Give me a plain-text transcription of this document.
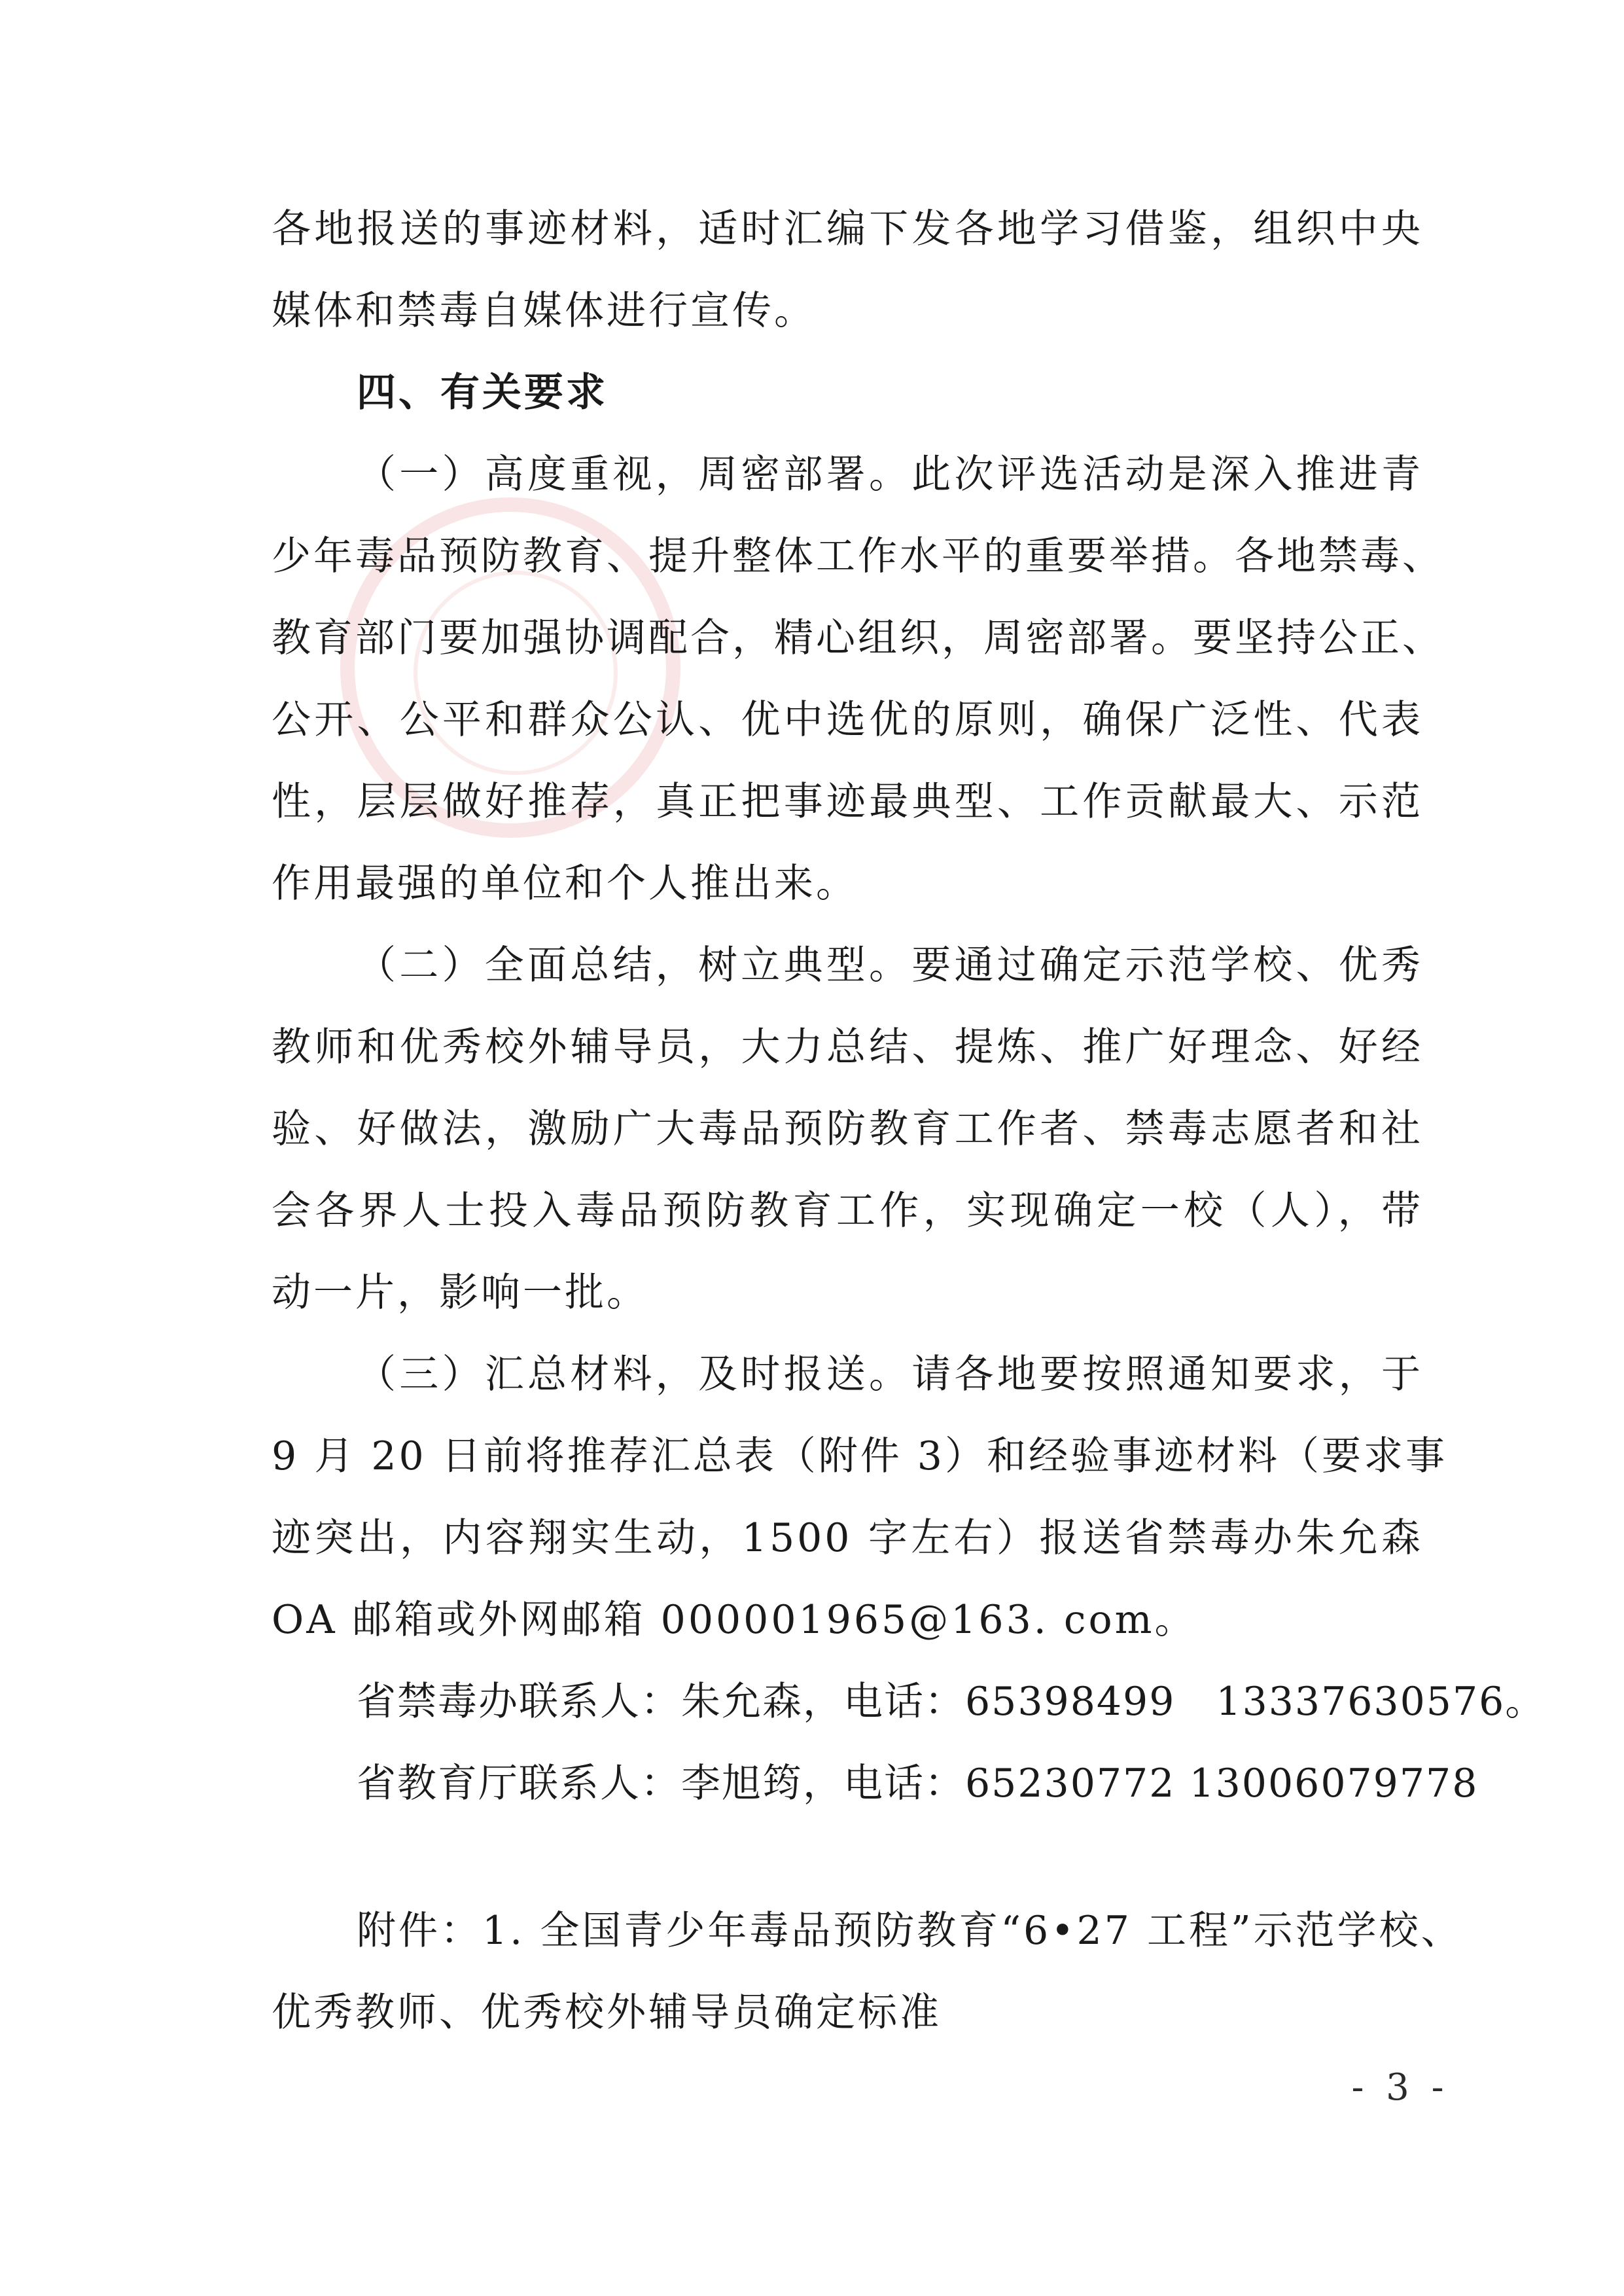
各地报送的事迹材料，适时汇编下发各地学习借鉴，组织中央
媒体和禁毒自媒体进行宣传。
四、有关要求
（一）高度重视，周密部署。此次评选活动是深入推进青
少年毒品预防教育、提升整体工作水平的重要举措。各地禁毒、
教育部门要加强协调配合，精心组织，周密部署。要坚持公正、
公开、公平和群众公认、优中选优的原则，确保广泛性、代表
性，层层做好推荐，真正把事迹最典型、工作贡献最大、示范
作用最强的单位和个人推出来。
（二）全面总结，树立典型。要通过确定示范学校、优秀
教师和优秀校外辅导员，大力总结、提炼、推广好理念、好经
验、好做法，激励广大毒品预防教育工作者、禁毒志愿者和社
会各界人士投入毒品预防教育工作，实现确定一校（人），带
动一片，影响一批。
（三）汇总材料，及时报送。请各地要按照通知要求，于
9 月 20 日前将推荐汇总表（附件 3）和经验事迹材料（要求事
迹突出，内容翔实生动，1500 字左右）报送省禁毒办朱允森
OA 邮箱或外网邮箱 000001965@163. com。
省禁毒办联系人：朱允森，电话：65398499　13337630576。
省教育厅联系人：李旭筠，电话：65230772 13006079778
附件：1. 全国青少年毒品预防教育“6•27 工程”示范学校、
优秀教师、优秀校外辅导员确定标准
- 3 -
